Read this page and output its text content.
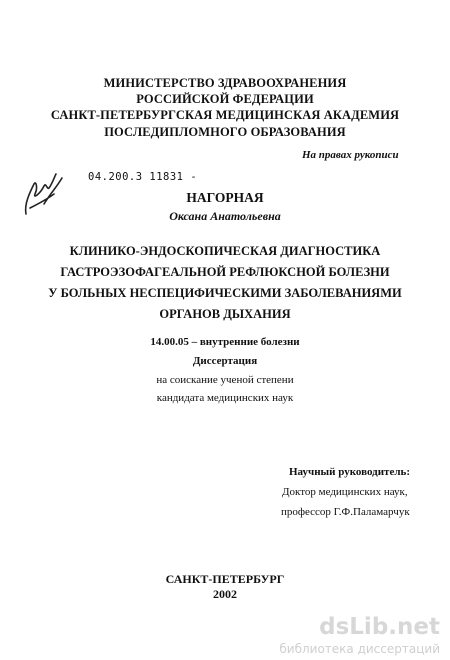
МИНИСТЕРСТВО ЗДРАВООХРАНЕНИЯ
РОССИЙСКОЙ ФЕДЕРАЦИИ
САНКТ-ПЕТЕРБУРГСКАЯ МЕДИЦИНСКАЯ АКАДЕМИЯ
ПОСЛЕДИПЛОМНОГО ОБРАЗОВАНИЯ
На правах рукописи
04.200.3 11831 -
НАГОРНАЯ
Оксана Анатольевна
КЛИНИКО-ЭНДОСКОПИЧЕСКАЯ ДИАГНОСТИКА
ГАСТРОЭЗОФАГЕАЛЬНОЙ РЕФЛЮКСНОЙ БОЛЕЗНИ
У БОЛЬНЫХ НЕСПЕЦИФИЧЕСКИМИ ЗАБОЛЕВАНИЯМИ
ОРГАНОВ ДЫХАНИЯ
14.00.05 – внутренние болезни
Диссертация
на соискание ученой степени
кандидата медицинских наук
Научный руководитель:
Доктор медицинских наук,
профессор Г.Ф.Паламарчук
САНКТ-ПЕТЕРБУРГ
2002
dsLib.net
библиотека диссертаций
